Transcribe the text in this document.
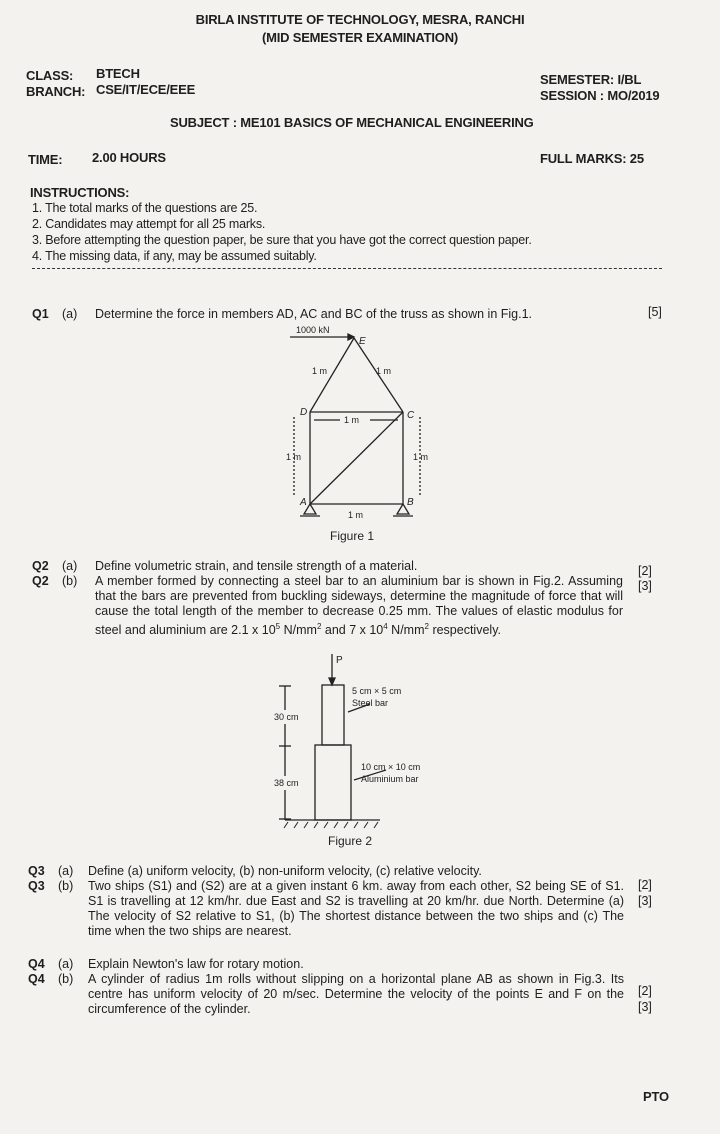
BIRLA INSTITUTE OF TECHNOLOGY, MESRA, RANCHI
(MID SEMESTER EXAMINATION)
CLASS: BTECH
BRANCH: CSE/IT/ECE/EEE
SEMESTER: I/BL
SESSION : MO/2019
SUBJECT : ME101 BASICS OF MECHANICAL ENGINEERING
TIME: 2.00 HOURS	FULL MARKS: 25
INSTRUCTIONS:
1. The total marks of the questions are 25.
2. Candidates may attempt for all 25 marks.
3. Before attempting the question paper, be sure that you have got the correct question paper.
4. The missing data, if any, may be assumed suitably.
Q1 (a) Determine the force in members AD, AC and BC of the truss as shown in Fig.1.	[5]
1000 kN
E
1 m	1 m
D	C
1 m
1 m	1 m
A	B
1 m
Figure 1
Q2 (a) Define volumetric strain, and tensile strength of a material.	[2]
Q2 (b) A member formed by connecting a steel bar to an aluminium bar is shown in Fig.2. Assuming that the bars are prevented from buckling sideways, determine the magnitude of force that will cause the total length of the member to decrease 0.25 mm. The values of elastic modulus for steel and aluminium are 2.1 x $10^5$ $N/mm^2$ and 7 x $10^4$ $N/mm^2$ respectively.
[3]
P
5 cm × 5 cm
Steel bar
10 cm × 10 cm
Aluminium bar
30 cm
38 cm
Figure 2
Q3 (a) Define (a) uniform velocity, (b) non-uniform velocity, (c) relative velocity.
[2]
Q3 (b) Two ships (S1) and (S2) are at a given instant 6 km. away from each other, S2 being SE of S1. S1 is travelling at 12 km/hr. due East and S2 is travelling at 20 km/hr. due North. Determine (a) The velocity of S2 relative to S1, (b) The shortest distance between the two ships and (c) The time when the two ships are nearest.
[3]
Q4 (a) Explain Newton's law for rotary motion.
[2]
Q4 (b) A cylinder of radius 1m rolls without slipping on a horizontal plane AB as shown in Fig.3. Its centre has uniform velocity of 20 m/sec. Determine the velocity of the points E and F on the circumference of the cylinder.	[3]
PTO
